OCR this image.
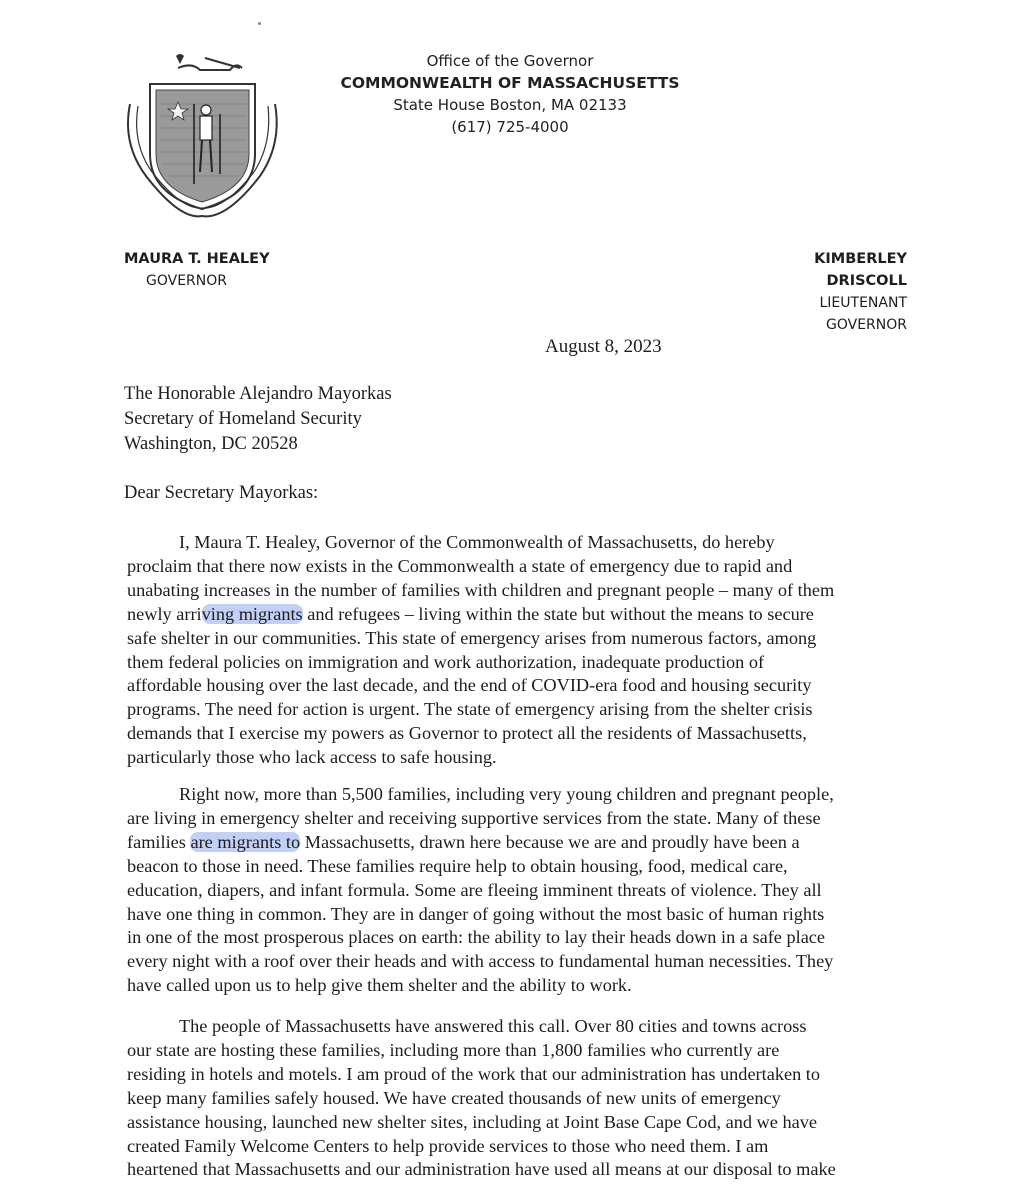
Office of the Governor
COMMONWEALTH OF MASSACHUSETTS
State House Boston, MA 02133
(617) 725-4000
MAURA T. HEALEY
GOVERNOR
KIMBERLEY DRISCOLL
LIEUTENANT GOVERNOR
August 8, 2023
The Honorable Alejandro Mayorkas
Secretary of Homeland Security
Washington, DC 20528
Dear Secretary Mayorkas:
I, Maura T. Healey, Governor of the Commonwealth of Massachusetts, do hereby
proclaim that there now exists in the Commonwealth a state of emergency due to rapid and
unabating increases in the number of families with children and pregnant people – many of them
newly arriving migrants and refugees – living within the state but without the means to secure
safe shelter in our communities. This state of emergency arises from numerous factors, among
them federal policies on immigration and work authorization, inadequate production of
affordable housing over the last decade, and the end of COVID-era food and housing security
programs. The need for action is urgent. The state of emergency arising from the shelter crisis
demands that I exercise my powers as Governor to protect all the residents of Massachusetts,
particularly those who lack access to safe housing.
Right now, more than 5,500 families, including very young children and pregnant people,
are living in emergency shelter and receiving supportive services from the state. Many of these
families are migrants to Massachusetts, drawn here because we are and proudly have been a
beacon to those in need. These families require help to obtain housing, food, medical care,
education, diapers, and infant formula. Some are fleeing imminent threats of violence. They all
have one thing in common. They are in danger of going without the most basic of human rights
in one of the most prosperous places on earth: the ability to lay their heads down in a safe place
every night with a roof over their heads and with access to fundamental human necessities. They
have called upon us to help give them shelter and the ability to work.
The people of Massachusetts have answered this call. Over 80 cities and towns across
our state are hosting these families, including more than 1,800 families who currently are
residing in hotels and motels. I am proud of the work that our administration has undertaken to
keep many families safely housed. We have created thousands of new units of emergency
assistance housing, launched new shelter sites, including at Joint Base Cape Cod, and we have
created Family Welcome Centers to help provide services to those who need them. I am
heartened that Massachusetts and our administration have used all means at our disposal to make
